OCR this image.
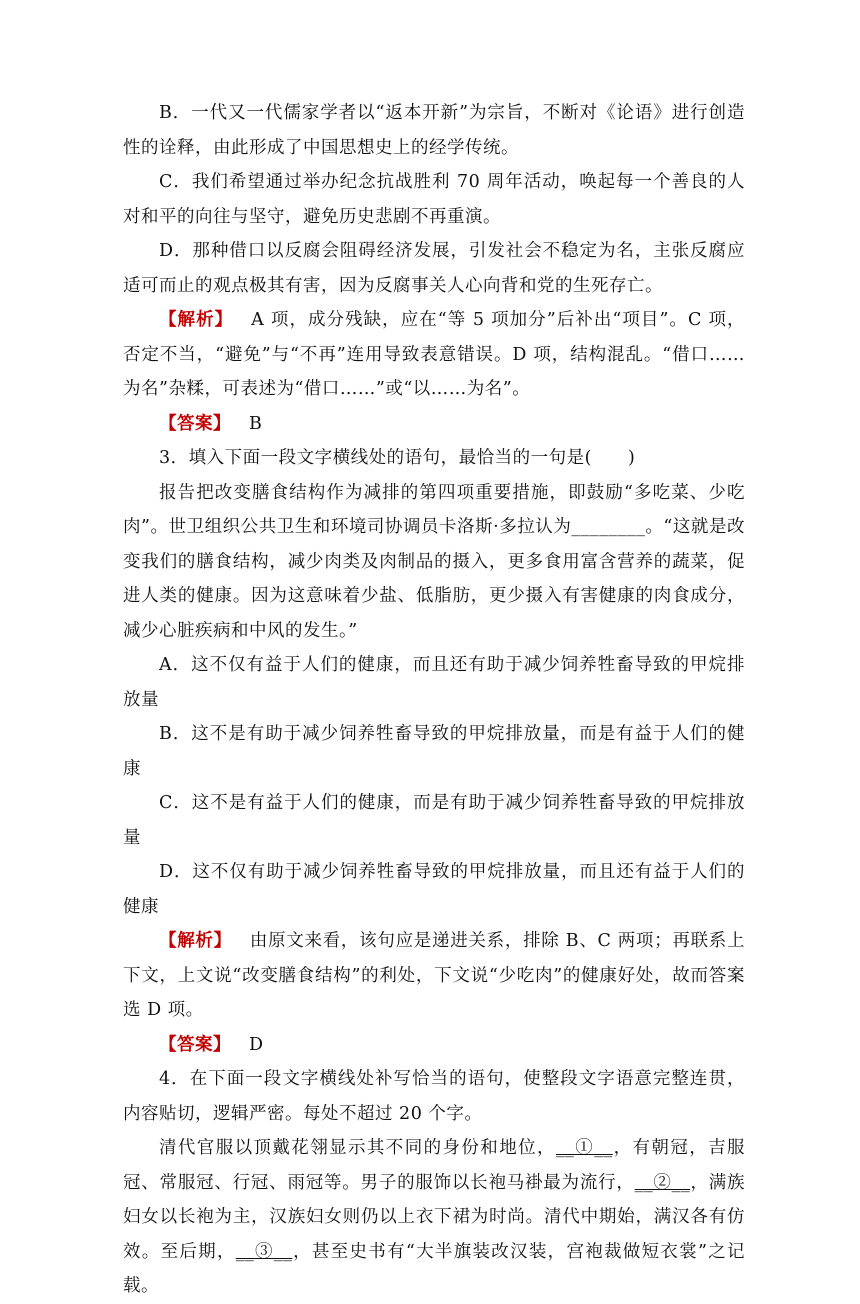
B．一代又一代儒家学者以“返本开新”为宗旨，不断对《论语》进行创造性的诠释，由此形成了中国思想史上的经学传统。

C．我们希望通过举办纪念抗战胜利 70 周年活动，唤起每一个善良的人对和平的向往与坚守，避免历史悲剧不再重演。

D．那种借口以反腐会阻碍经济发展，引发社会不稳定为名，主张反腐应适可而止的观点极其有害，因为反腐事关人心向背和党的生死存亡。

【解析】 A 项，成分残缺，应在“等 5 项加分”后补出“项目”。C 项，否定不当，“避免”与“不再”连用导致表意错误。D 项，结构混乱。“借口……为名”杂糅，可表述为“借口……”或“以……为名”。

【答案】 B

3．填入下面一段文字横线处的语句，最恰当的一句是(　　)

报告把改变膳食结构作为减排的第四项重要措施，即鼓励“多吃菜、少吃肉”。世卫组织公共卫生和环境司协调员卡洛斯·多拉认为________。“这就是改变我们的膳食结构，减少肉类及肉制品的摄入，更多食用富含营养的蔬菜，促进人类的健康。因为这意味着少盐、低脂肪，更少摄入有害健康的肉食成分，减少心脏疾病和中风的发生。”

A．这不仅有益于人们的健康，而且还有助于减少饲养牲畜导致的甲烷排放量

B．这不是有助于减少饲养牲畜导致的甲烷排放量，而是有益于人们的健康

C．这不是有益于人们的健康，而是有助于减少饲养牲畜导致的甲烷排放量

D．这不仅有助于减少饲养牲畜导致的甲烷排放量，而且还有益于人们的健康

【解析】 由原文来看，该句应是递进关系，排除 B、C 两项；再联系上下文，上文说“改变膳食结构”的利处，下文说“少吃肉”的健康好处，故而答案选 D 项。

【答案】 D

4．在下面一段文字横线处补写恰当的语句，使整段文字语意完整连贯，内容贴切，逻辑严密。每处不超过 20 个字。

清代官服以顶戴花翎显示其不同的身份和地位，__①__，有朝冠，吉服冠、常服冠、行冠、雨冠等。男子的服饰以长袍马褂最为流行，__②__，满族妇女以长袍为主，汉族妇女则仍以上衣下裙为时尚。清代中期始，满汉各有仿效。至后期，__③__，甚至史书有“大半旗装改汉装，宫袍裁做短衣裳”之记载。
